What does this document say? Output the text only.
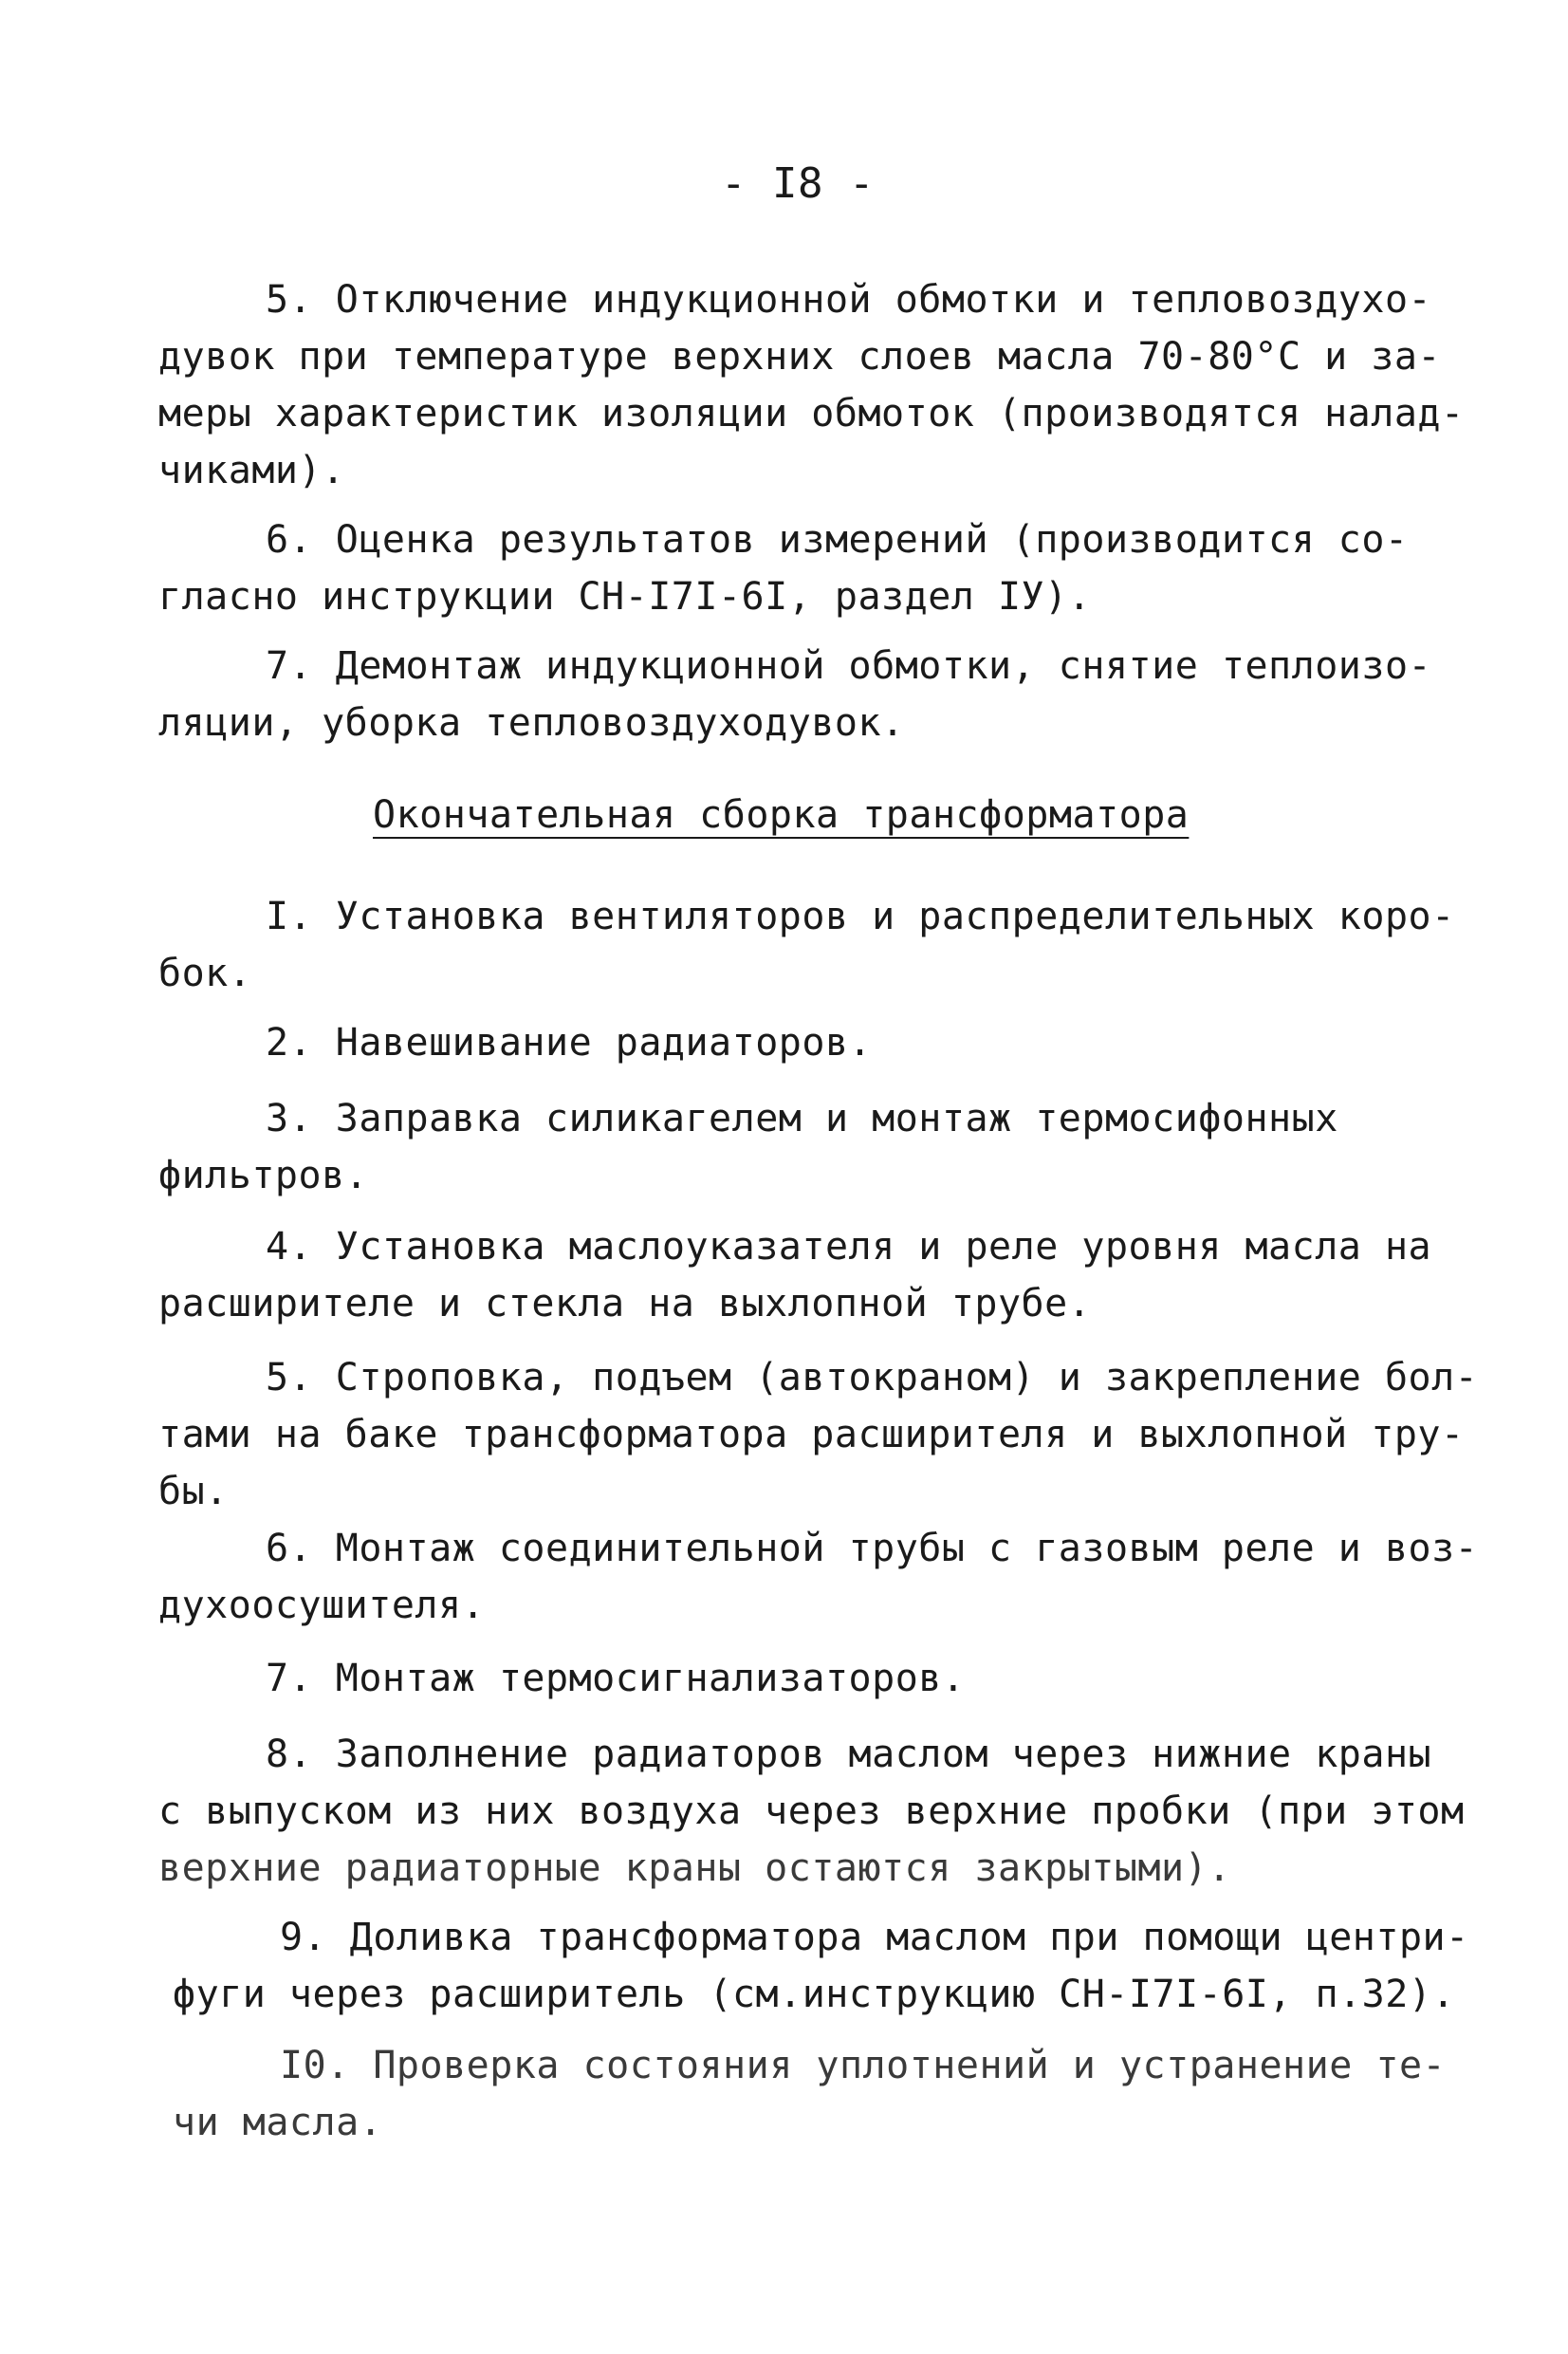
- I8 -
5. Отключение индукционной обмотки и тепловоздухо-
дувок при температуре верхних слоев масла 70-80°C и за-
меры характеристик изоляции обмоток (производятся налад-
чиками).
6. Оценка результатов измерений (производится со-
гласно инструкции СН-I7I-6I, раздел IУ).
7. Демонтаж индукционной обмотки, снятие теплоизо-
ляции, уборка тепловоздуходувок.
Окончательная сборка трансформатора
I. Установка вентиляторов и распределительных коро-
бок.
2. Навешивание радиаторов.
3. Заправка силикагелем и монтаж термосифонных
фильтров.
4. Установка маслоуказателя и реле уровня масла на
расширителе и стекла на выхлопной трубе.
5. Строповка, подъем (автокраном) и закрепление бол-
тами на баке трансформатора расширителя и выхлопной тру-
бы.
6. Монтаж соединительной трубы с газовым реле и воз-
духоосушителя.
7. Монтаж термосигнализаторов.
8. Заполнение радиаторов маслом через нижние краны
с выпуском из них воздуха через верхние пробки (при этом
верхние радиаторные краны остаются закрытыми).
9. Доливка трансформатора маслом при помощи центри-
фуги через расширитель (см.инструкцию СН-I7I-6I, п.32).
I0. Проверка состояния уплотнений и устранение те-
чи масла.
